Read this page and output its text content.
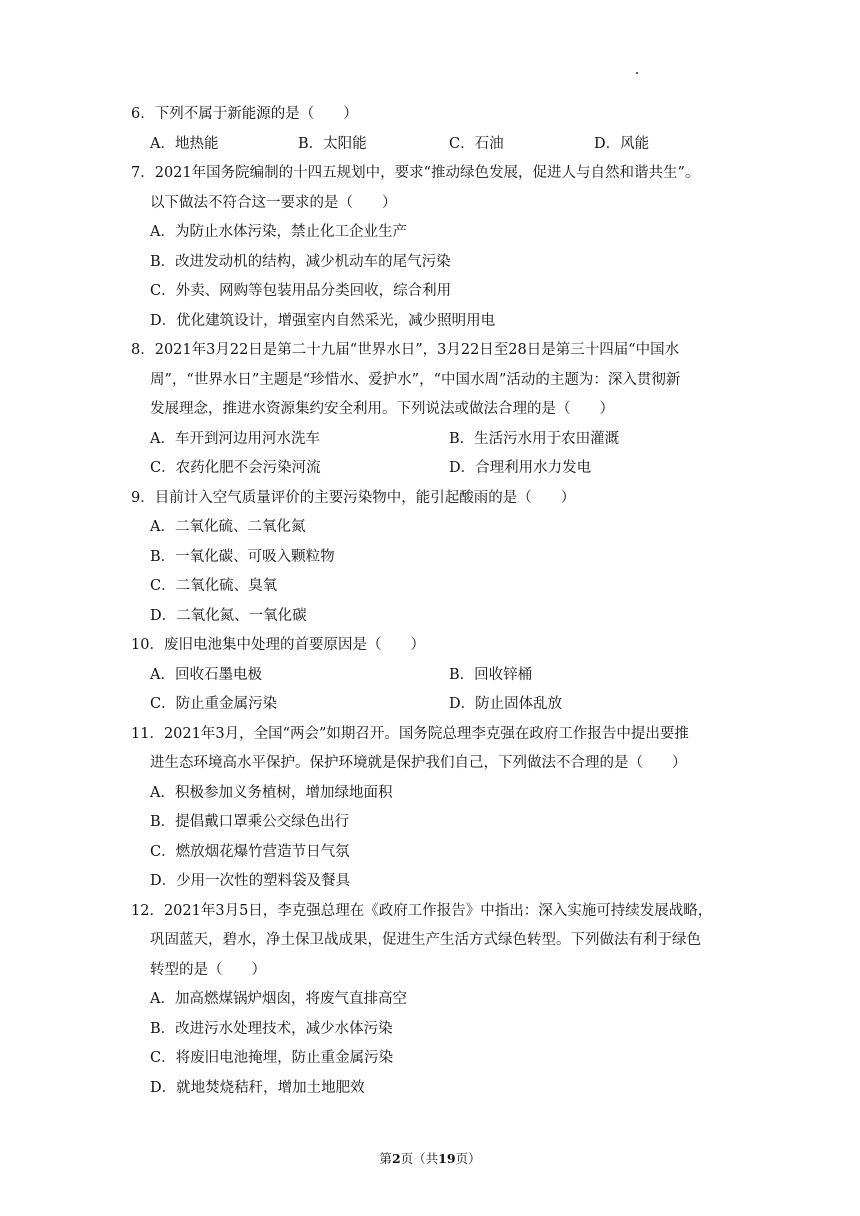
6．下列不属于新能源的是（　　）
A．地热能	B．太阳能	C．石油	D．风能
7．2021年国务院编制的十四五规划中，要求“推动绿色发展，促进人与自然和谐共生”。
以下做法不符合这一要求的是（　　）
A．为防止水体污染，禁止化工企业生产
B．改进发动机的结构，减少机动车的尾气污染
C．外卖、网购等包装用品分类回收，综合利用
D．优化建筑设计，增强室内自然采光，减少照明用电
8．2021年3月22日是第二十九届“世界水日”，3月22日至28日是第三十四届“中国水
周”，“世界水日”主题是“珍惜水、爱护水”，“中国水周”活动的主题为：深入贯彻新
发展理念，推进水资源集约安全利用。下列说法或做法合理的是（　　）
A．车开到河边用河水洗车	B．生活污水用于农田灌溉
C．农药化肥不会污染河流	D．合理利用水力发电
9．目前计入空气质量评价的主要污染物中，能引起酸雨的是（　　）
A．二氧化硫、二氧化氮
B．一氧化碳、可吸入颗粒物
C．二氧化硫、臭氧
D．二氧化氮、一氧化碳
10．废旧电池集中处理的首要原因是（　　）
A．回收石墨电极	B．回收锌桶
C．防止重金属污染	D．防止固体乱放
11．2021年3月，全国“两会”如期召开。国务院总理李克强在政府工作报告中提出要推
进生态环境高水平保护。保护环境就是保护我们自己，下列做法不合理的是（　　）
A．积极参加义务植树，增加绿地面积
B．提倡戴口罩乘公交绿色出行
C．燃放烟花爆竹营造节日气氛
D．少用一次性的塑料袋及餐具
12．2021年3月5日，李克强总理在《政府工作报告》中指出：深入实施可持续发展战略，
巩固蓝天，碧水，净土保卫战成果，促进生产生活方式绿色转型。下列做法有利于绿色
转型的是（　　）
A．加高燃煤锅炉烟囱，将废气直排高空
B．改进污水处理技术，减少水体污染
C．将废旧电池掩埋，防止重金属污染
D．就地焚烧秸秆，增加土地肥效
第2页（共19页）
